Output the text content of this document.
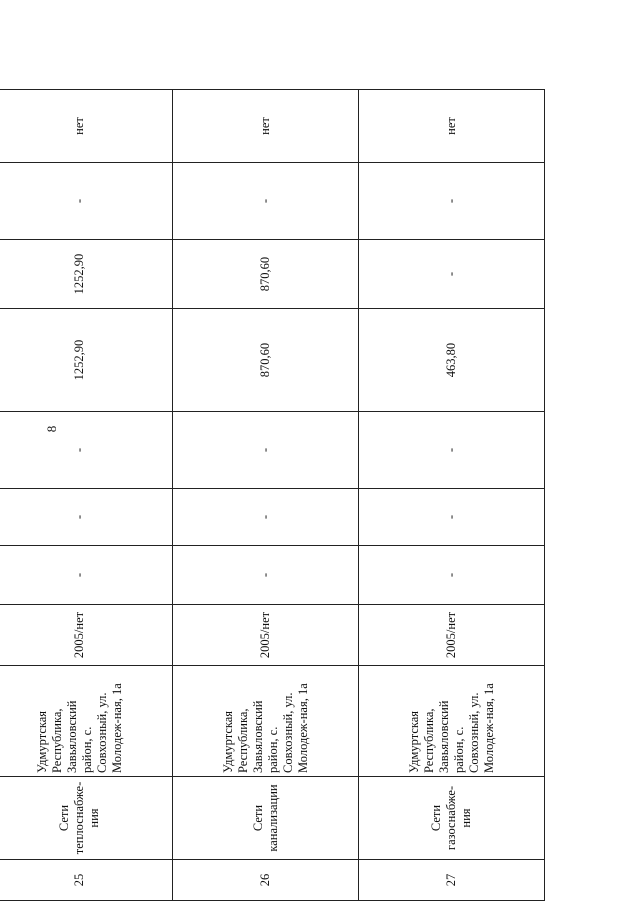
8

25	Сети теплоснабже-ния	Удмуртская Республика, Завьяловский район, с. Совхозный, ул. Молодеж-ная, 1а	2005/нет	-	-	-	1252,90	1252,90	-	нет
26	Сети канализации	Удмуртская Республика, Завьяловский район, с. Совхозный, ул. Молодеж-ная, 1а	2005/нет	-	-	-	870,60	870,60	-	нет
27	Сети газоснабже-ния	Удмуртская Республика, Завьяловский район, с. Совхозный, ул. Молодеж-ная, 1а	2005/нет	-	-	-	463,80	-	-	нет
